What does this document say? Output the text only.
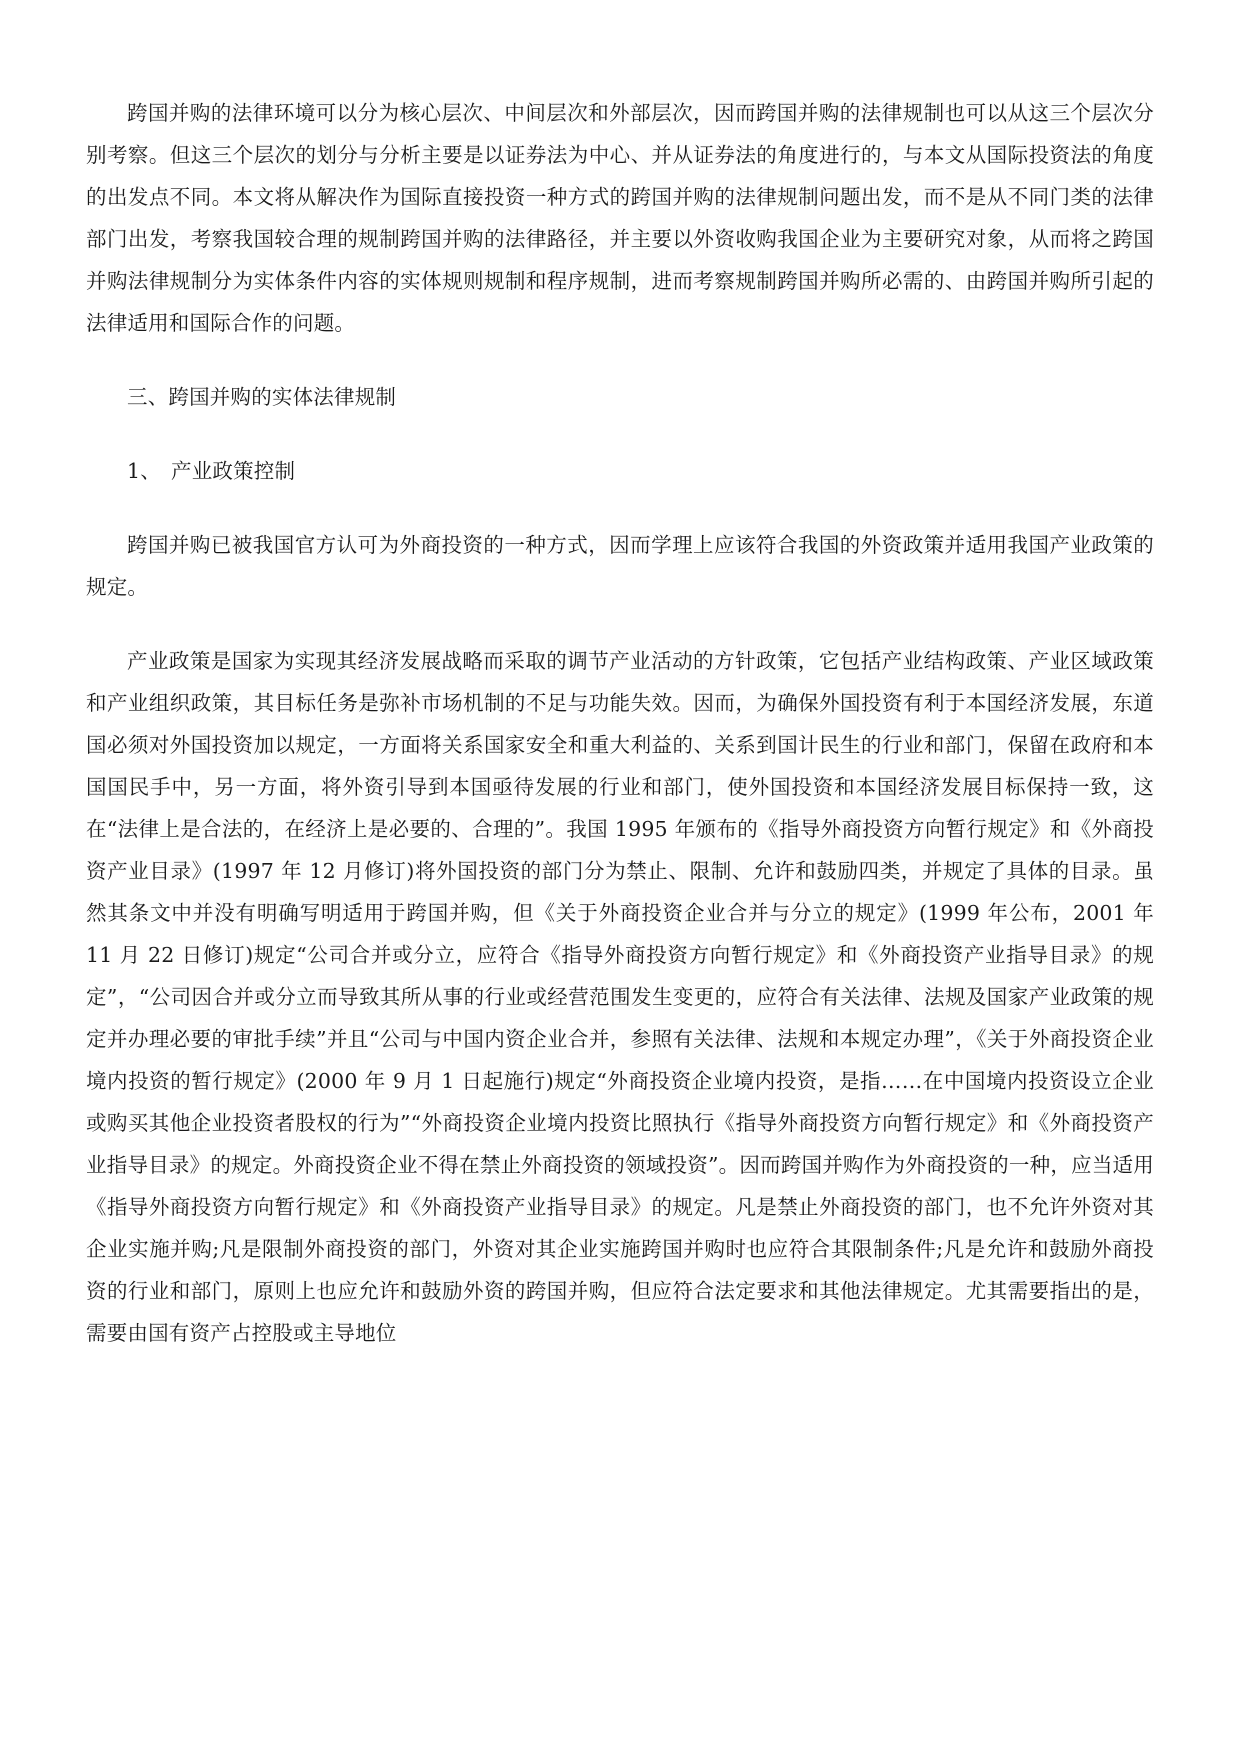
跨国并购的法律环境可以分为核心层次、中间层次和外部层次，因而跨国并购的法律规制也可以从这三个层次分别考察。但这三个层次的划分与分析主要是以证券法为中心、并从证券法的角度进行的，与本文从国际投资法的角度的出发点不同。本文将从解决作为国际直接投资一种方式的跨国并购的法律规制问题出发，而不是从不同门类的法律部门出发，考察我国较合理的规制跨国并购的法律路径，并主要以外资收购我国企业为主要研究对象，从而将之跨国并购法律规制分为实体条件内容的实体规则规制和程序规制，进而考察规制跨国并购所必需的、由跨国并购所引起的法律适用和国际合作的问题。

三、跨国并购的实体法律规制

1、 产业政策控制

跨国并购已被我国官方认可为外商投资的一种方式，因而学理上应该符合我国的外资政策并适用我国产业政策的规定。

产业政策是国家为实现其经济发展战略而采取的调节产业活动的方针政策，它包括产业结构政策、产业区域政策和产业组织政策，其目标任务是弥补市场机制的不足与功能失效。因而，为确保外国投资有利于本国经济发展，东道国必须对外国投资加以规定，一方面将关系国家安全和重大利益的、关系到国计民生的行业和部门，保留在政府和本国国民手中，另一方面，将外资引导到本国亟待发展的行业和部门，使外国投资和本国经济发展目标保持一致，这在“法律上是合法的，在经济上是必要的、合理的”。我国 1995 年颁布的《指导外商投资方向暂行规定》和《外商投资产业目录》(1997 年 12 月修订)将外国投资的部门分为禁止、限制、允许和鼓励四类，并规定了具体的目录。虽然其条文中并没有明确写明适用于跨国并购，但《关于外商投资企业合并与分立的规定》(1999 年公布，2001 年 11 月 22 日修订)规定“公司合并或分立，应符合《指导外商投资方向暂行规定》和《外商投资产业指导目录》的规定”，“公司因合并或分立而导致其所从事的行业或经营范围发生变更的，应符合有关法律、法规及国家产业政策的规定并办理必要的审批手续”并且“公司与中国内资企业合并，参照有关法律、法规和本规定办理”，《关于外商投资企业境内投资的暂行规定》(2000 年 9 月 1 日起施行)规定“外商投资企业境内投资，是指……在中国境内投资设立企业或购买其他企业投资者股权的行为”“外商投资企业境内投资比照执行《指导外商投资方向暂行规定》和《外商投资产业指导目录》的规定。外商投资企业不得在禁止外商投资的领域投资”。因而跨国并购作为外商投资的一种，应当适用《指导外商投资方向暂行规定》和《外商投资产业指导目录》的规定。凡是禁止外商投资的部门，也不允许外资对其企业实施并购;凡是限制外商投资的部门，外资对其企业实施跨国并购时也应符合其限制条件;凡是允许和鼓励外商投资的行业和部门，原则上也应允许和鼓励外资的跨国并购，但应符合法定要求和其他法律规定。尤其需要指出的是，需要由国有资产占控股或主导地位
